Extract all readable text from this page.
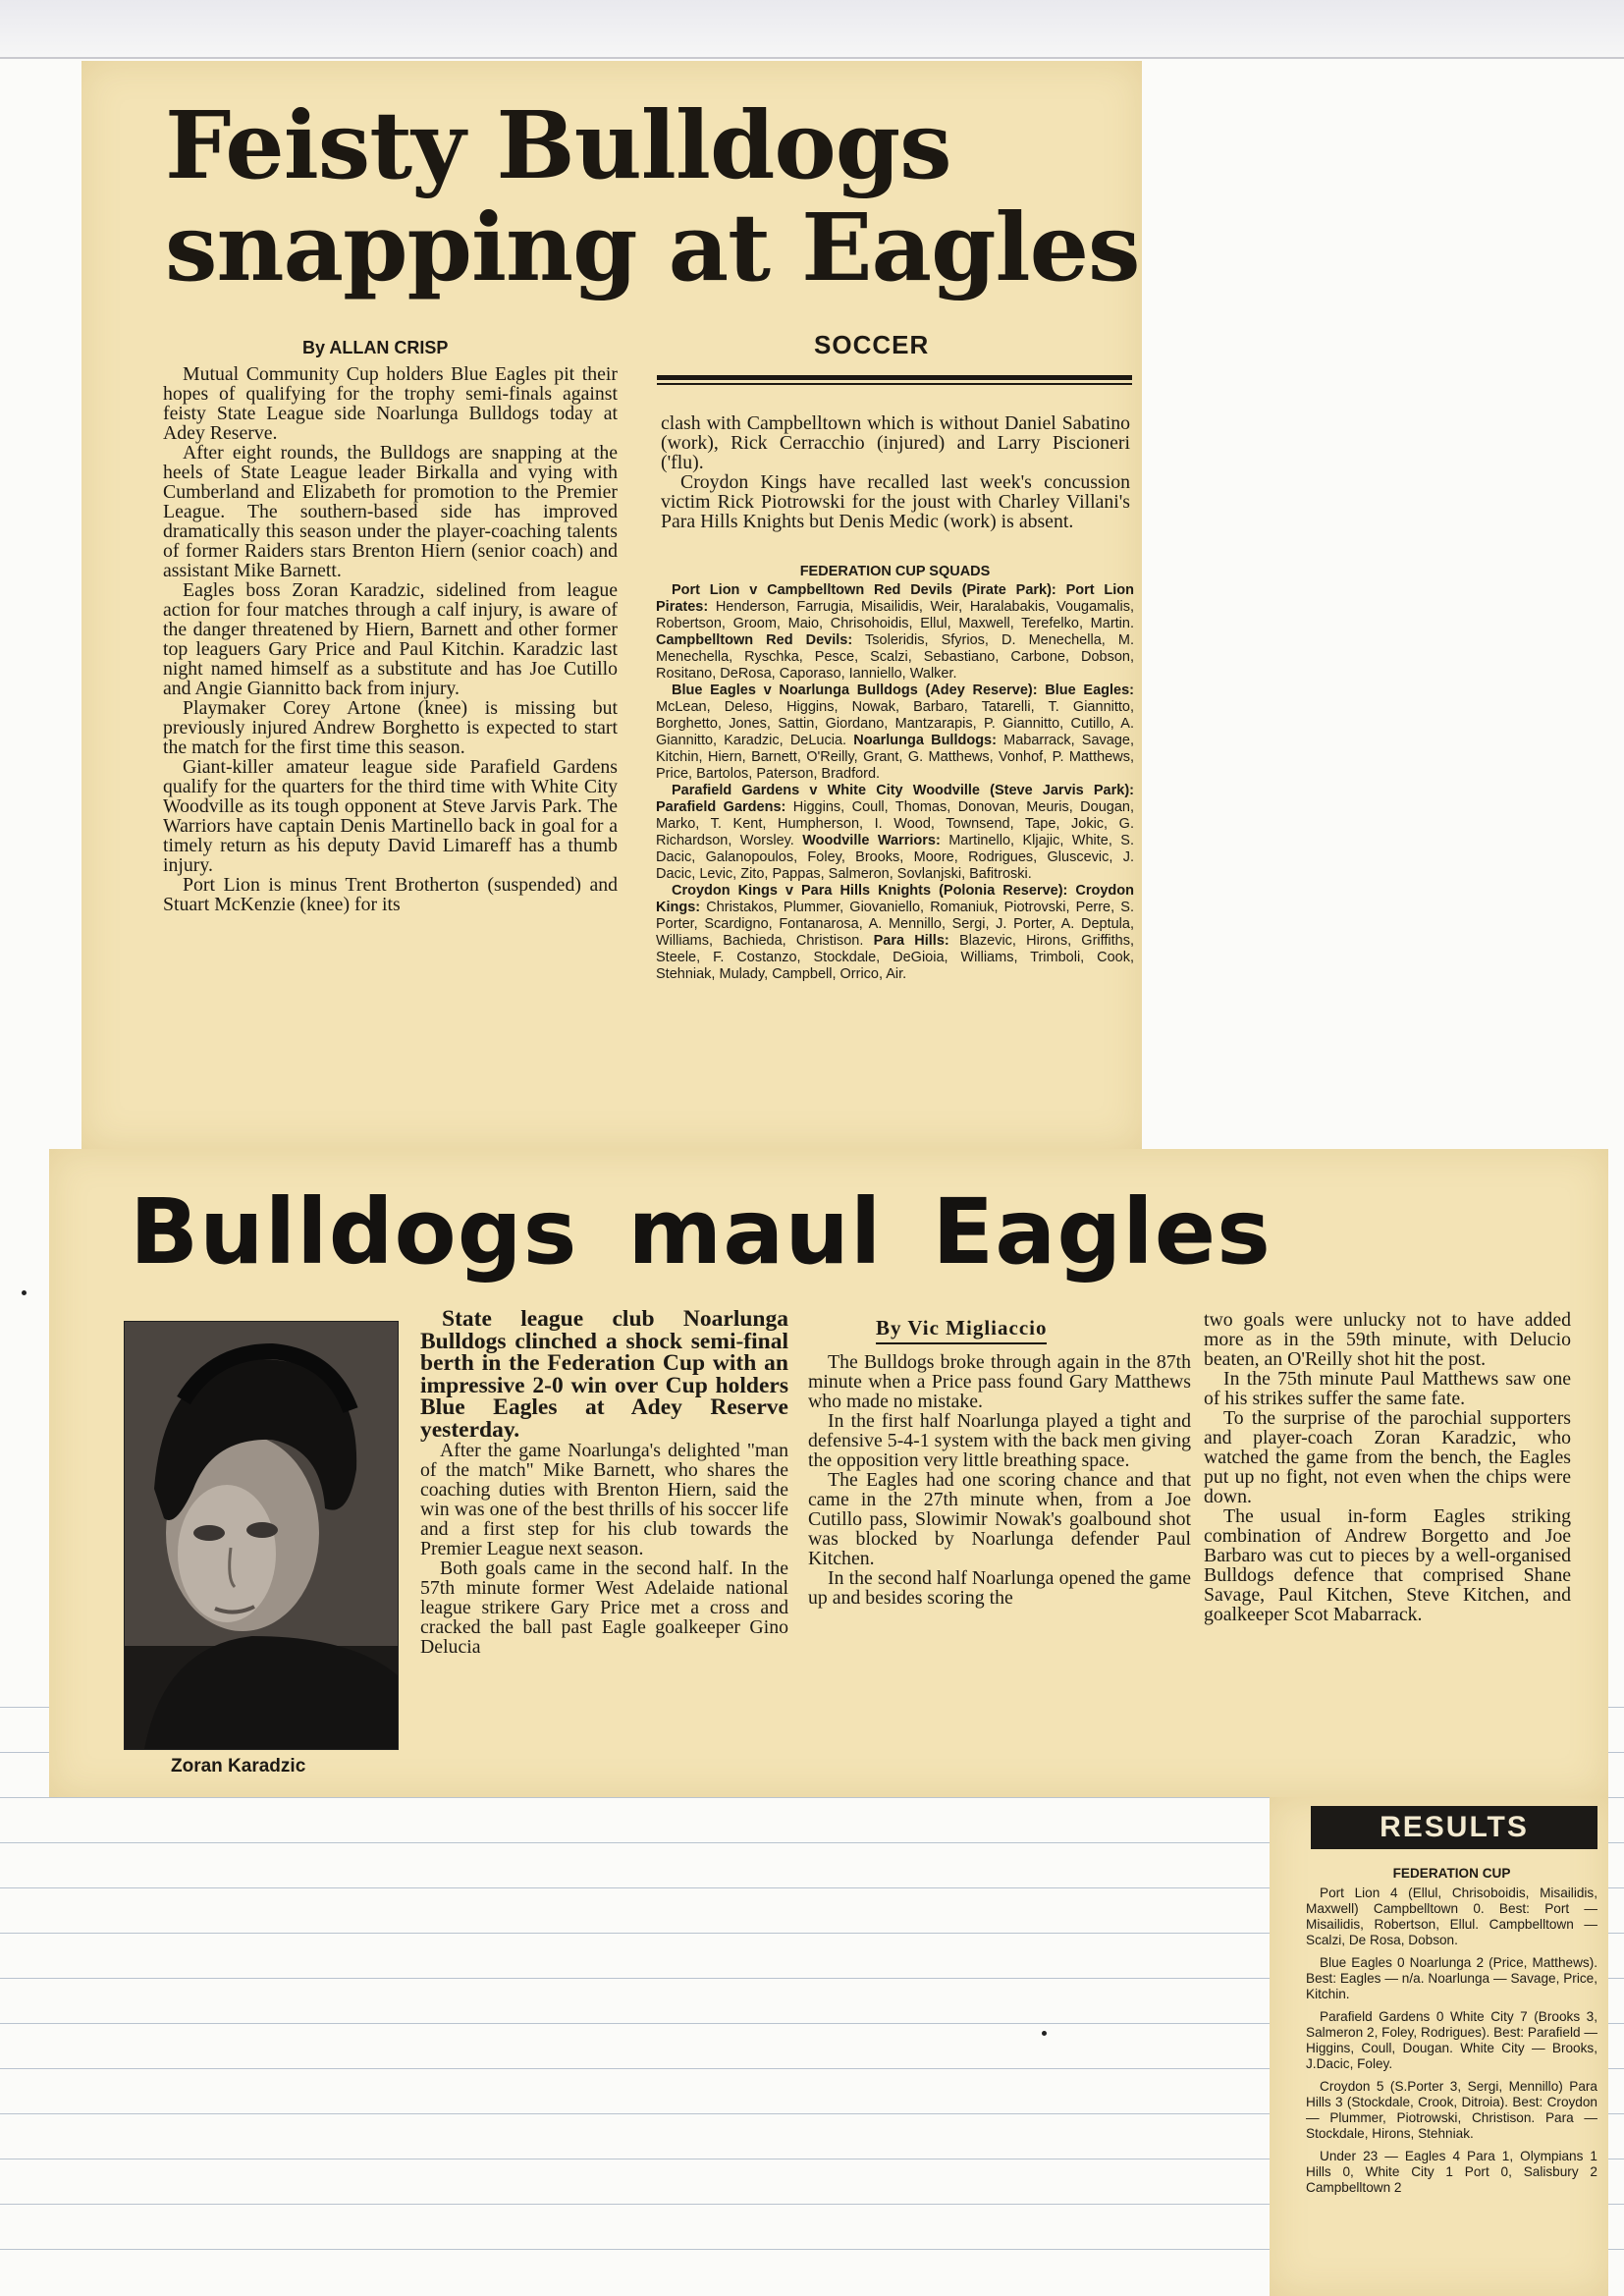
Feisty Bulldogs snapping at Eagles
By ALLAN CRISP	SOCCER

Mutual Community Cup holders Blue Eagles pit their hopes of qualifying for the trophy semi-finals against feisty State League side Noarlunga Bulldogs today at Adey Reserve.

After eight rounds, the Bulldogs are snapping at the heels of State League leader Birkalla and vying with Cumberland and Elizabeth for promotion to the Premier League. The southern-based side has improved dramatically this season under the player-coaching talents of former Raiders stars Brenton Hiern (senior coach) and assistant Mike Barnett.

Eagles boss Zoran Karadzic, sidelined from league action for four matches through a calf injury, is aware of the danger threatened by Hiern, Barnett and other former top leaguers Gary Price and Paul Kitchin. Karadzic last night named himself as a substitute and has Joe Cutillo and Angie Giannitto back from injury.

Playmaker Corey Artone (knee) is missing but previously injured Andrew Borghetto is expected to start the match for the first time this season.

Giant-killer amateur league side Parafield Gardens qualify for the quarters for the third time with White City Woodville as its tough opponent at Steve Jarvis Park. The Warriors have captain Denis Martinello back in goal for a timely return as his deputy David Limareff has a thumb injury.

Port Lion is minus Trent Brotherton (suspended) and Stuart McKenzie (knee) for its

clash with Campbelltown which is without Daniel Sabatino (work), Rick Cerracchio (injured) and Larry Piscioneri ('flu).

Croydon Kings have recalled last week's concussion victim Rick Piotrowski for the joust with Charley Villani's Para Hills Knights but Denis Medic (work) is absent.

FEDERATION CUP SQUADS

Port Lion v Campbelltown Red Devils (Pirate Park): Port Lion Pirates: Henderson, Farrugia, Misailidis, Weir, Haralabakis, Vougamalis, Robertson, Groom, Maio, Chrisohoidis, Ellul, Maxwell, Terefelko, Martin. Campbelltown Red Devils: Tsoleridis, Sfyrios, D. Menechella, M. Menechella, Ryschka, Pesce, Scalzi, Sebastiano, Carbone, Dobson, Rositano, DeRosa, Caporaso, Ianniello, Walker.

Blue Eagles v Noarlunga Bulldogs (Adey Reserve): Blue Eagles: McLean, Deleso, Higgins, Nowak, Barbaro, Tatarelli, T. Giannitto, Borghetto, Jones, Sattin, Giordano, Mantzarapis, P. Giannitto, Cutillo, A. Giannitto, Karadzic, DeLucia. Noarlunga Bulldogs: Mabarrack, Savage, Kitchin, Hiern, Barnett, O'Reilly, Grant, G. Matthews, Vonhof, P. Matthews, Price, Bartolos, Paterson, Bradford.

Parafield Gardens v White City Woodville (Steve Jarvis Park): Parafield Gardens: Higgins, Coull, Thomas, Donovan, Meuris, Dougan, Marko, T. Kent, Humpherson, I. Wood, Townsend, Tape, Jokic, G. Richardson, Worsley. Woodville Warriors: Martinello, Kljajic, White, S. Dacic, Galanopoulos, Foley, Brooks, Moore, Rodrigues, Gluscevic, J. Dacic, Levic, Zito, Pappas, Salmeron, Sovlanjski, Bafitroski.

Croydon Kings v Para Hills Knights (Polonia Reserve): Croydon Kings: Christakos, Plummer, Giovaniello, Romaniuk, Piotrovski, Perre, S. Porter, Scardigno, Fontanarosa, A. Mennillo, Sergi, J. Porter, A. Deptula, Williams, Bachieda, Christison. Para Hills: Blazevic, Hirons, Griffiths, Steele, F. Costanzo, Stockdale, DeGioia, Williams, Trimboli, Cook, Stehniak, Mulady, Campbell, Orrico, Air.

Bulldogs maul Eagles
Zoran Karadzic

State league club Noarlunga Bulldogs clinched a shock semi-final berth in the Federation Cup with an impressive 2-0 win over Cup holders Blue Eagles at Adey Reserve yesterday.

After the game Noarlunga's delighted "man of the match" Mike Barnett, who shares the coaching duties with Brenton Hiern, said the win was one of the best thrills of his soccer life and a first step for his club towards the Premier League next season.

Both goals came in the second half. In the 57th minute former West Adelaide national league strikere Gary Price met a cross and cracked the ball past Eagle goalkeeper Gino Delucia

By Vic Migliaccio

The Bulldogs broke through again in the 87th minute when a Price pass found Gary Matthews who made no mistake.

In the first half Noarlunga played a tight and defensive 5-4-1 system with the back men giving the opposition very little breathing space.

The Eagles had one scoring chance and that came in the 27th minute when, from a Joe Cutillo pass, Slowimir Nowak's goalbound shot was blocked by Noarlunga defender Paul Kitchen.

In the second half Noarlunga opened the game up and besides scoring the

two goals were unlucky not to have added more as in the 59th minute, with Delucio beaten, an O'Reilly shot hit the post.

In the 75th minute Paul Matthews saw one of his strikes suffer the same fate.

To the surprise of the parochial supporters and player-coach Zoran Karadzic, who watched the game from the bench, the Eagles put up no fight, not even when the chips were down.

The usual in-form Eagles striking combination of Andrew Borgetto and Joe Barbaro was cut to pieces by a well-organised Bulldogs defence that comprised Shane Savage, Paul Kitchen, Steve Kitchen, and goalkeeper Scot Mabarrack.

RESULTS
FEDERATION CUP

Port Lion 4 (Ellul, Chrisoboidis, Misailidis, Maxwell) Campbelltown 0. Best: Port — Misailidis, Robertson, Ellul. Campbelltown — Scalzi, De Rosa, Dobson.

Blue Eagles 0 Noarlunga 2 (Price, Matthews). Best: Eagles — n/a. Noarlunga — Savage, Price, Kitchin.

Parafield Gardens 0 White City 7 (Brooks 3, Salmeron 2, Foley, Rodrigues). Best: Parafield — Higgins, Coull, Dougan. White City — Brooks, J.Dacic, Foley.

Croydon 5 (S.Porter 3, Sergi, Mennillo) Para Hills 3 (Stockdale, Crook, Ditroia). Best: Croydon — Plummer, Piotrowski, Christison. Para — Stockdale, Hirons, Stehniak.

Under 23 — Eagles 4 Para 1, Olympians 1 Hills 0, White City 1 Port 0, Salisbury 2 Campbelltown 2
